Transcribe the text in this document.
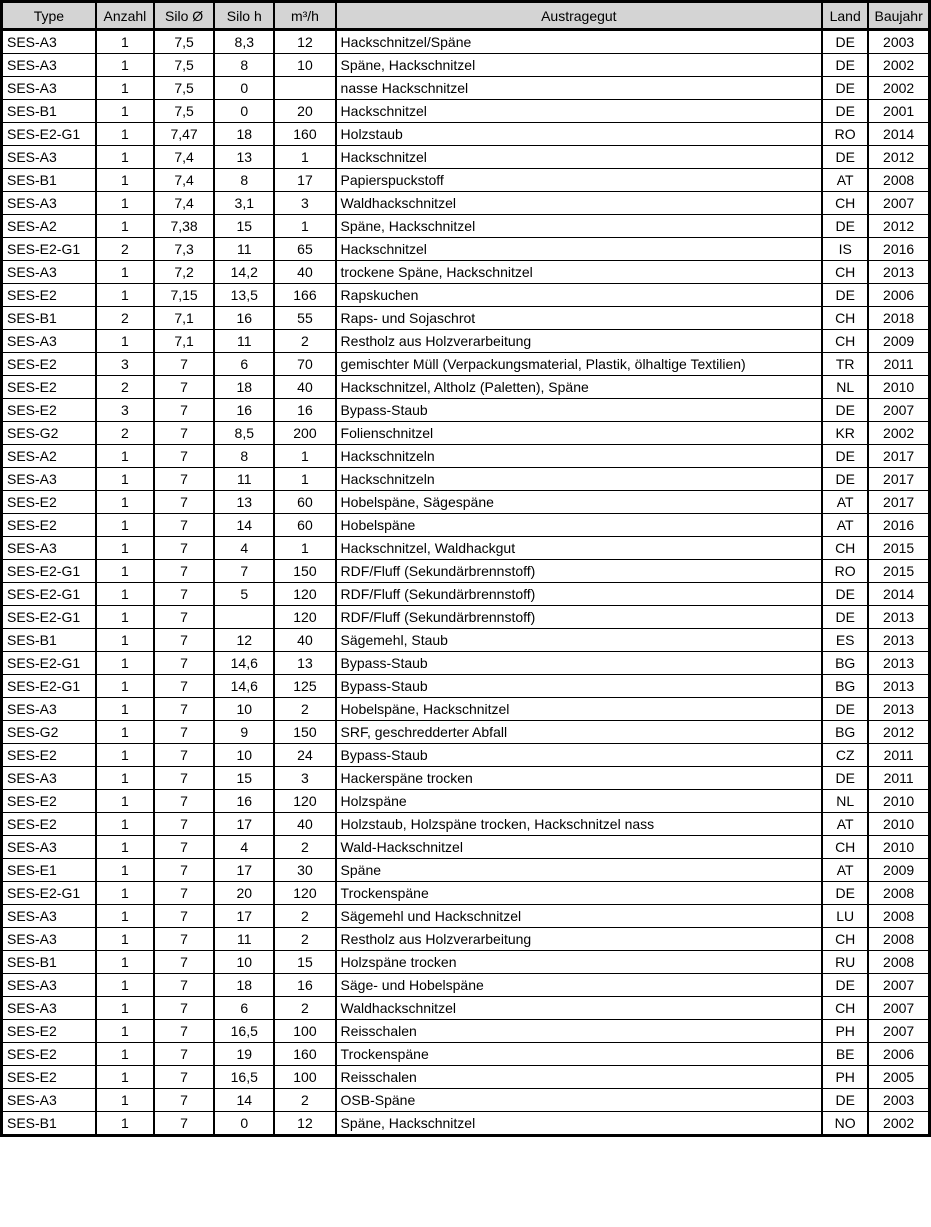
Type	Anzahl	Silo Ø	Silo h	m³/h	Austragegut	Land	Baujahr
SES-A3	1	7,5	8,3	12	Hackschnitzel/Späne	DE	2003
SES-A3	1	7,5	8	10	Späne, Hackschnitzel	DE	2002
SES-A3	1	7,5	0		nasse Hackschnitzel	DE	2002
SES-B1	1	7,5	0	20	Hackschnitzel	DE	2001
SES-E2-G1	1	7,47	18	160	Holzstaub	RO	2014
SES-A3	1	7,4	13	1	Hackschnitzel	DE	2012
SES-B1	1	7,4	8	17	Papierspuckstoff	AT	2008
SES-A3	1	7,4	3,1	3	Waldhackschnitzel	CH	2007
SES-A2	1	7,38	15	1	Späne, Hackschnitzel	DE	2012
SES-E2-G1	2	7,3	11	65	Hackschnitzel	IS	2016
SES-A3	1	7,2	14,2	40	trockene Späne, Hackschnitzel	CH	2013
SES-E2	1	7,15	13,5	166	Rapskuchen	DE	2006
SES-B1	2	7,1	16	55	Raps- und Sojaschrot	CH	2018
SES-A3	1	7,1	11	2	Restholz aus Holzverarbeitung	CH	2009
SES-E2	3	7	6	70	gemischter Müll (Verpackungsmaterial, Plastik, ölhaltige Textilien)	TR	2011
SES-E2	2	7	18	40	Hackschnitzel, Altholz (Paletten), Späne	NL	2010
SES-E2	3	7	16	16	Bypass-Staub	DE	2007
SES-G2	2	7	8,5	200	Folienschnitzel	KR	2002
SES-A2	1	7	8	1	Hackschnitzeln	DE	2017
SES-A3	1	7	11	1	Hackschnitzeln	DE	2017
SES-E2	1	7	13	60	Hobelspäne, Sägespäne	AT	2017
SES-E2	1	7	14	60	Hobelspäne	AT	2016
SES-A3	1	7	4	1	Hackschnitzel, Waldhackgut	CH	2015
SES-E2-G1	1	7	7	150	RDF/Fluff (Sekundärbrennstoff)	RO	2015
SES-E2-G1	1	7	5	120	RDF/Fluff (Sekundärbrennstoff)	DE	2014
SES-E2-G1	1	7		120	RDF/Fluff (Sekundärbrennstoff)	DE	2013
SES-B1	1	7	12	40	Sägemehl, Staub	ES	2013
SES-E2-G1	1	7	14,6	13	Bypass-Staub	BG	2013
SES-E2-G1	1	7	14,6	125	Bypass-Staub	BG	2013
SES-A3	1	7	10	2	Hobelspäne, Hackschnitzel	DE	2013
SES-G2	1	7	9	150	SRF, geschredderter Abfall	BG	2012
SES-E2	1	7	10	24	Bypass-Staub	CZ	2011
SES-A3	1	7	15	3	Hackerspäne trocken	DE	2011
SES-E2	1	7	16	120	Holzspäne	NL	2010
SES-E2	1	7	17	40	Holzstaub, Holzspäne trocken, Hackschnitzel nass	AT	2010
SES-A3	1	7	4	2	Wald-Hackschnitzel	CH	2010
SES-E1	1	7	17	30	Späne	AT	2009
SES-E2-G1	1	7	20	120	Trockenspäne	DE	2008
SES-A3	1	7	17	2	Sägemehl und Hackschnitzel	LU	2008
SES-A3	1	7	11	2	Restholz aus Holzverarbeitung	CH	2008
SES-B1	1	7	10	15	Holzspäne trocken	RU	2008
SES-A3	1	7	18	16	Säge- und Hobelspäne	DE	2007
SES-A3	1	7	6	2	Waldhackschnitzel	CH	2007
SES-E2	1	7	16,5	100	Reisschalen	PH	2007
SES-E2	1	7	19	160	Trockenspäne	BE	2006
SES-E2	1	7	16,5	100	Reisschalen	PH	2005
SES-A3	1	7	14	2	OSB-Späne	DE	2003
SES-B1	1	7	0	12	Späne, Hackschnitzel	NO	2002
